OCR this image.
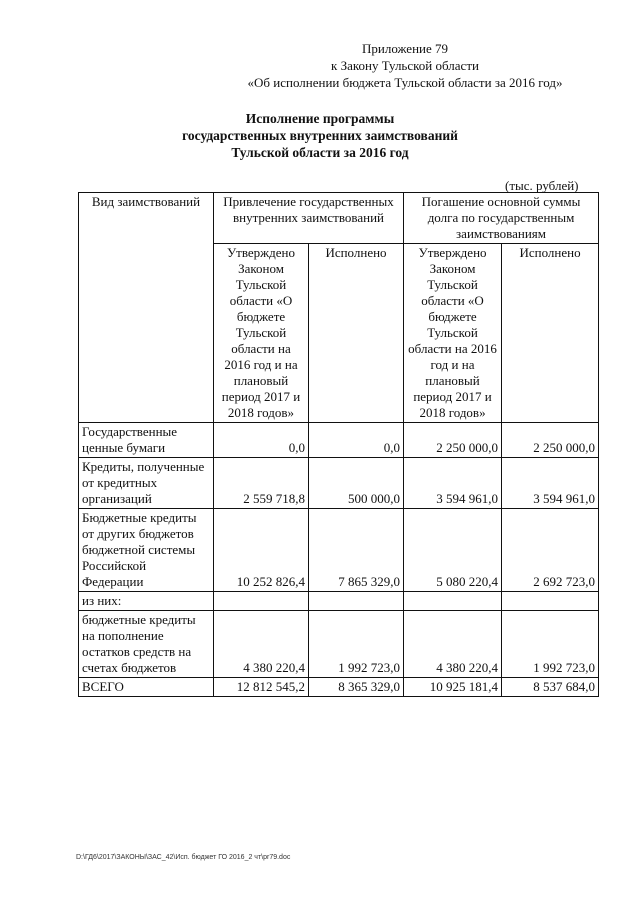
Приложение 79
к Закону Тульской области
«Об исполнении бюджета Тульской области за 2016 год»
Исполнение программы
государственных внутренних заимствований
Тульской области за 2016 год
(тыс. рублей)
Вид заимствований	Привлечение государственных внутренних заимствований		Погашение основной суммы долга по государственным заимствованиям	
	Утверждено Законом Тульской области «О бюджете Тульской области на 2016 год и на плановый период 2017 и 2018 годов»	Исполнено	Утверждено Законом Тульской области «О бюджете Тульской области на 2016 год и на плановый период 2017 и 2018 годов»	Исполнено
Государственные ценные бумаги	0,0	0,0	2 250 000,0	2 250 000,0
Кредиты, полученные от кредитных организаций	2 559 718,8	500 000,0	3 594 961,0	3 594 961,0
Бюджетные кредиты от других бюджетов бюджетной системы Российской Федерации	10 252 826,4	7 865 329,0	5 080 220,4	2 692 723,0
из них:				
бюджетные кредиты на пополнение остатков средств на счетах бюджетов	4 380 220,4	1 992 723,0	4 380 220,4	1 992 723,0
ВСЕГО	12 812 545,2	8 365 329,0	10 925 181,4	8 537 684,0
D:\ГД6\2017\ЗАКОНЫ\ЗАС_42\Исп. бюджет ГО 2016_2 чт\pr79.doc
